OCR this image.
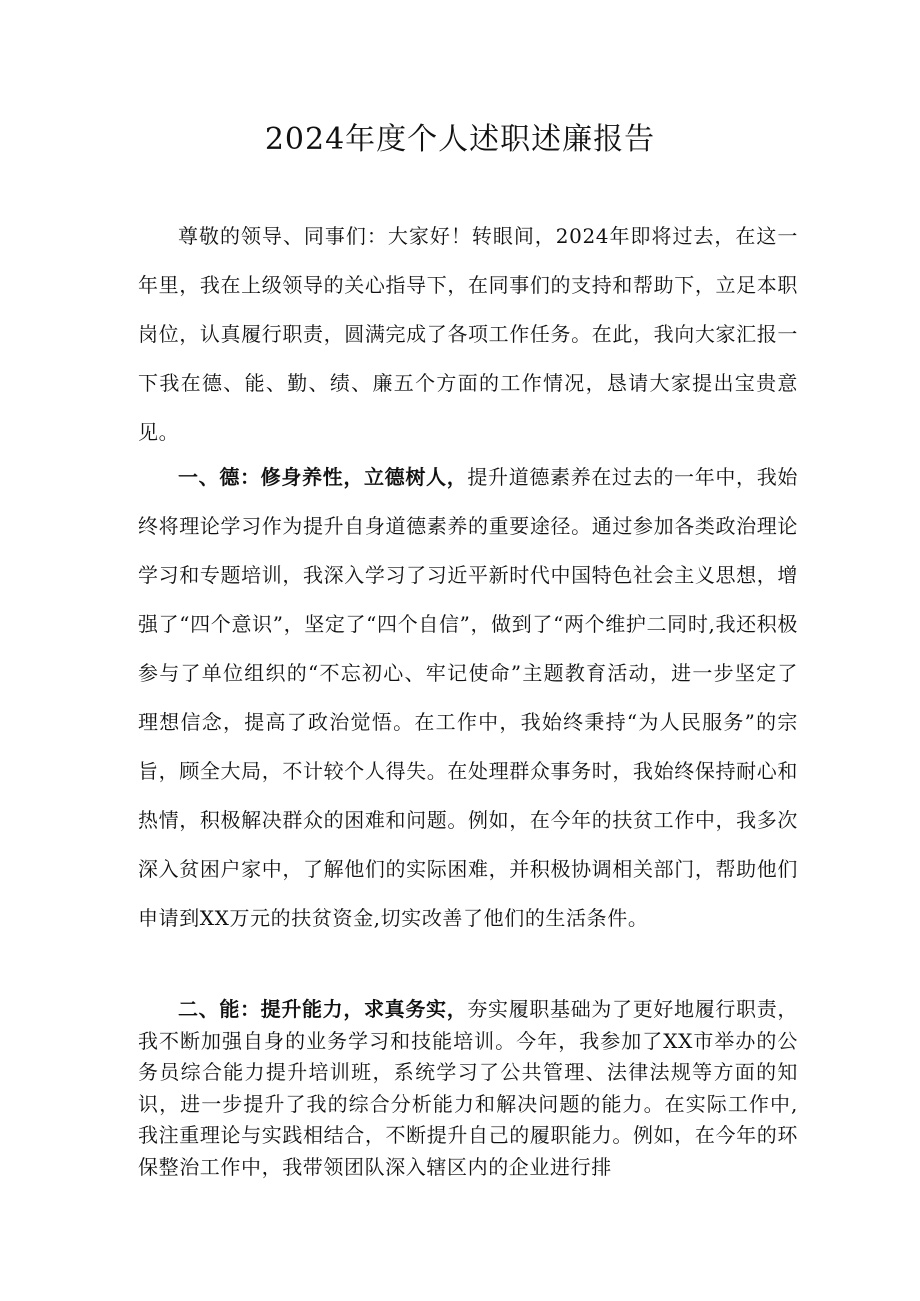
2024年度个人述职述廉报告

尊敬的领导、同事们：大家好！转眼间，2024年即将过去，在这一年里，我在上级领导的关心指导下，在同事们的支持和帮助下，立足本职岗位，认真履行职责，圆满完成了各项工作任务。在此，我向大家汇报一下我在德、能、勤、绩、廉五个方面的工作情况，恳请大家提出宝贵意见。

一、德：修身养性，立德树人，提升道德素养在过去的一年中，我始终将理论学习作为提升自身道德素养的重要途径。通过参加各类政治理论学习和专题培训，我深入学习了习近平新时代中国特色社会主义思想，增强了“四个意识”，坚定了“四个自信”，做到了“两个维护二同时,我还积极参与了单位组织的“不忘初心、牢记使命”主题教育活动，进一步坚定了理想信念，提高了政治觉悟。在工作中，我始终秉持“为人民服务”的宗旨，顾全大局，不计较个人得失。在处理群众事务时，我始终保持耐心和热情，积极解决群众的困难和问题。例如，在今年的扶贫工作中，我多次深入贫困户家中，了解他们的实际困难，并积极协调相关部门，帮助他们申请到XX万元的扶贫资金,切实改善了他们的生活条件。

二、能：提升能力，求真务实，夯实履职基础为了更好地履行职责，我不断加强自身的业务学习和技能培训。今年，我参加了XX市举办的公务员综合能力提升培训班，系统学习了公共管理、法律法规等方面的知识，进一步提升了我的综合分析能力和解决问题的能力。在实际工作中,我注重理论与实践相结合，不断提升自己的履职能力。例如，在今年的环保整治工作中，我带领团队深入辖区内的企业进行排
